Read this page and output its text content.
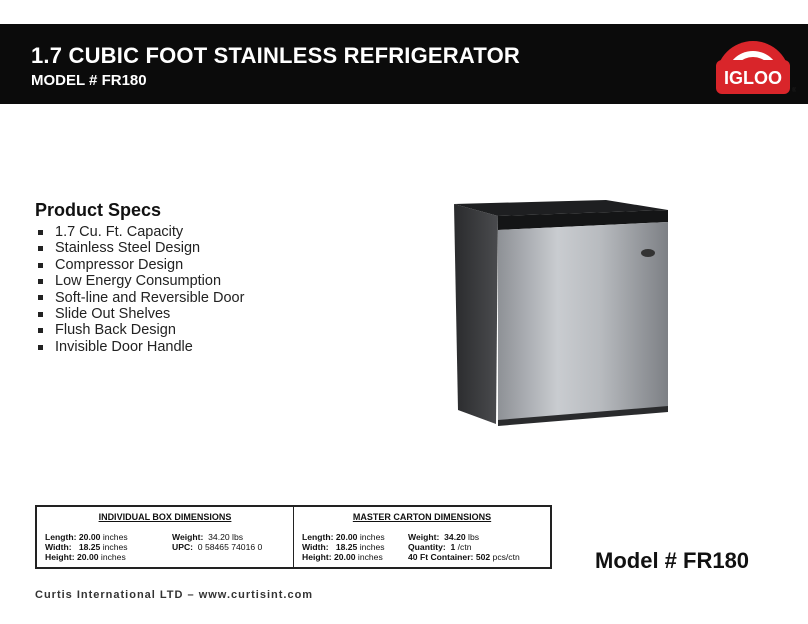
1.7 CUBIC FOOT STAINLESS REFRIGERATOR
MODEL # FR180	IGLOO
®
Product Specs
1.7 Cu. Ft. Capacity
Stainless Steel Design
Compressor Design
Low Energy Consumption
Soft-line and Reversible Door
Slide Out Shelves
Flush Back Design
Invisible Door Handle
INDIVIDUAL BOX DIMENSIONS
Length: 20.00 inches
Width: 18.25 inches
Height: 20.00 inches
Weight: 34.20 lbs
UPC: 0 58465 74016 0
MASTER CARTON DIMENSIONS
Length: 20.00 inches
Width: 18.25 inches
Height: 20.00 inches
Weight: 34.20 lbs
Quantity: 1 /ctn
40 Ft Container: 502 pcs/ctn	Model # FR180
Curtis International LTD – www.curtisint.com
